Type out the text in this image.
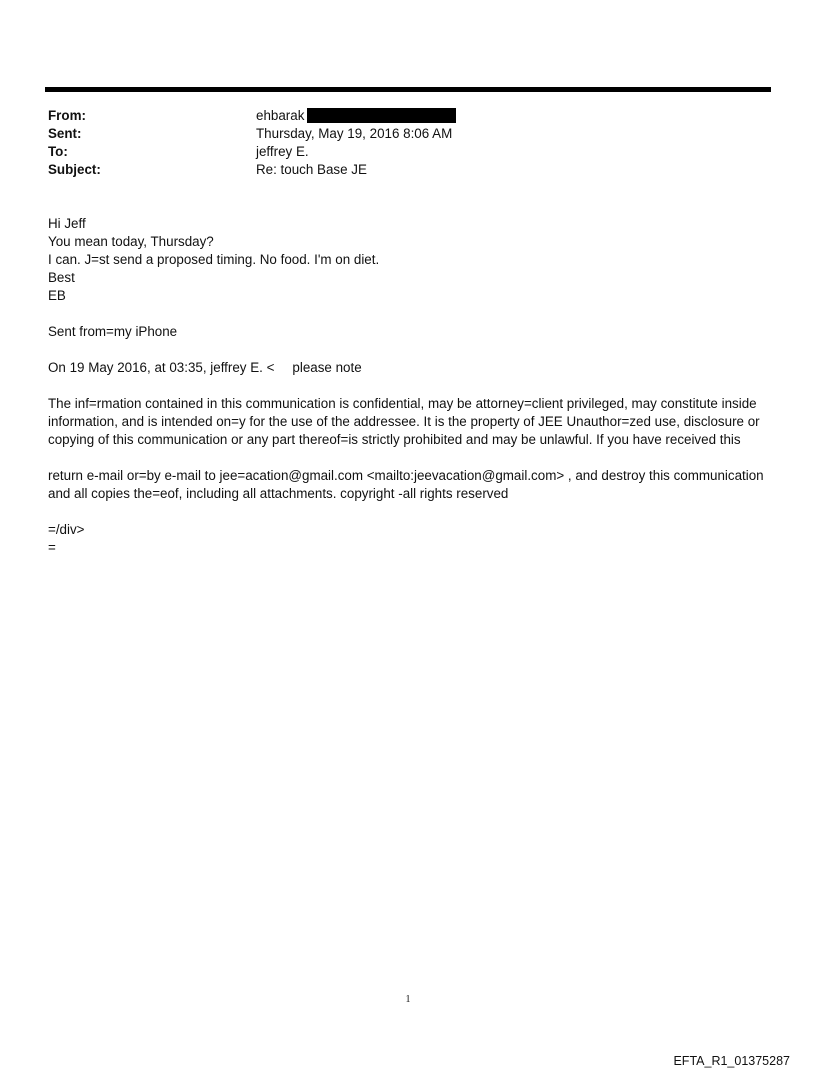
From:	ehbarak
Sent:	Thursday, May 19, 2016 8:06 AM
To:	jeffrey E.
Subject:	Re: touch Base JE

Hi Jeff

You mean today, Thursday?

I can. J=st send a proposed timing. No food. I'm on diet.

Best

EB

Sent from=my iPhone

On 19 May 2016, at 03:35, jeffrey E. < please note

The inf=rmation contained in this communication is confidential, may be attorney=client privileged, may constitute inside information, and is intended on=y for the use of the addressee. It is the property of JEE Unauthor=zed use, disclosure or copying of this communication or any part thereof=is strictly prohibited and may be unlawful. If you have received this

return e-mail or=by e-mail to jee=acation@gmail.com <mailto:jeevacation@gmail.com> , and destroy this communication and all copies the=eof, including all attachments. copyright -all rights reserved

=/div>

=

1
EFTA_R1_01375287
